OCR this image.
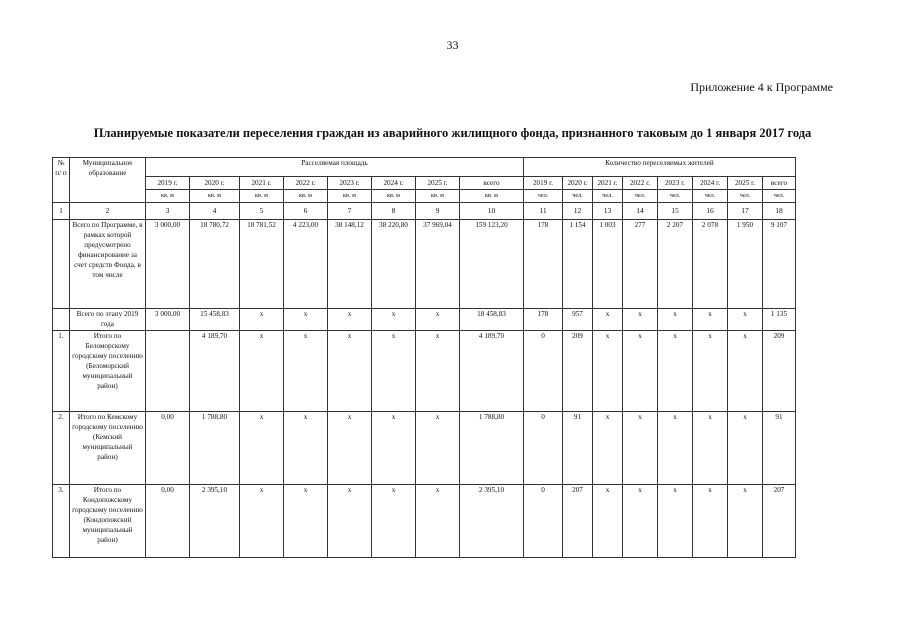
33
Приложение 4 к Программе
Планируемые показатели переселения граждан из аварийного жилищного фонда, признанного таковым до 1 января 2017 года
№ п/ п	Муниципальное образование	Расселяемая площадь								Количество переселяемых жителей							
		2019 г.	2020 г.	2021 г.	2022 г.	2023 г.	2024 г.	2025 г.	всего	2019 г.	2020 г.	2021 г.	2022 г.	2023 г.	2024 г.	2025 г.	всего
		кв. м	кв. м	кв. м	кв. м	кв. м	кв. м	кв. м	кв. м	чел.	чел.	чел.	чел.	чел.	чел.	чел.	чел.
1	2	3	4	5	6	7	8	9	10	11	12	13	14	15	16	17	18
	Всего по Программе, в рамках которой предусмотрено финансирование за счет средств Фонда, в том числе	3 000,00	18 780,72	18 781,52	4 223,00	38 148,12	38 220,80	37 969,04	159 123,20	178	1 154	1 003	277	2 207	2 078	1 950	9 107
	Всего по этапу 2019 года	3 000,00	15 458,83	х	х	х	х	х	18 458,83	178	957	х	х	х	х	х	1 135
1.	Итого по Беломорскому городскому поселению (Беломорский муниципальный район)		4 189,70	х	х	х	х	х	4 189,70	0	209	х	х	х	х	х	209
2.	Итого по Кемскому городскому поселению (Кемский муниципальный район)	0,00	1 788,80	х	х	х	х	х	1 788,80	0	91	х	х	х	х	х	91
3.	Итого по Кондопожскому городскому поселению (Кондопожский муниципальный район)	0,00	2 395,10	х	х	х	х	х	2 395,10	0	207	х	х	х	х	х	207
